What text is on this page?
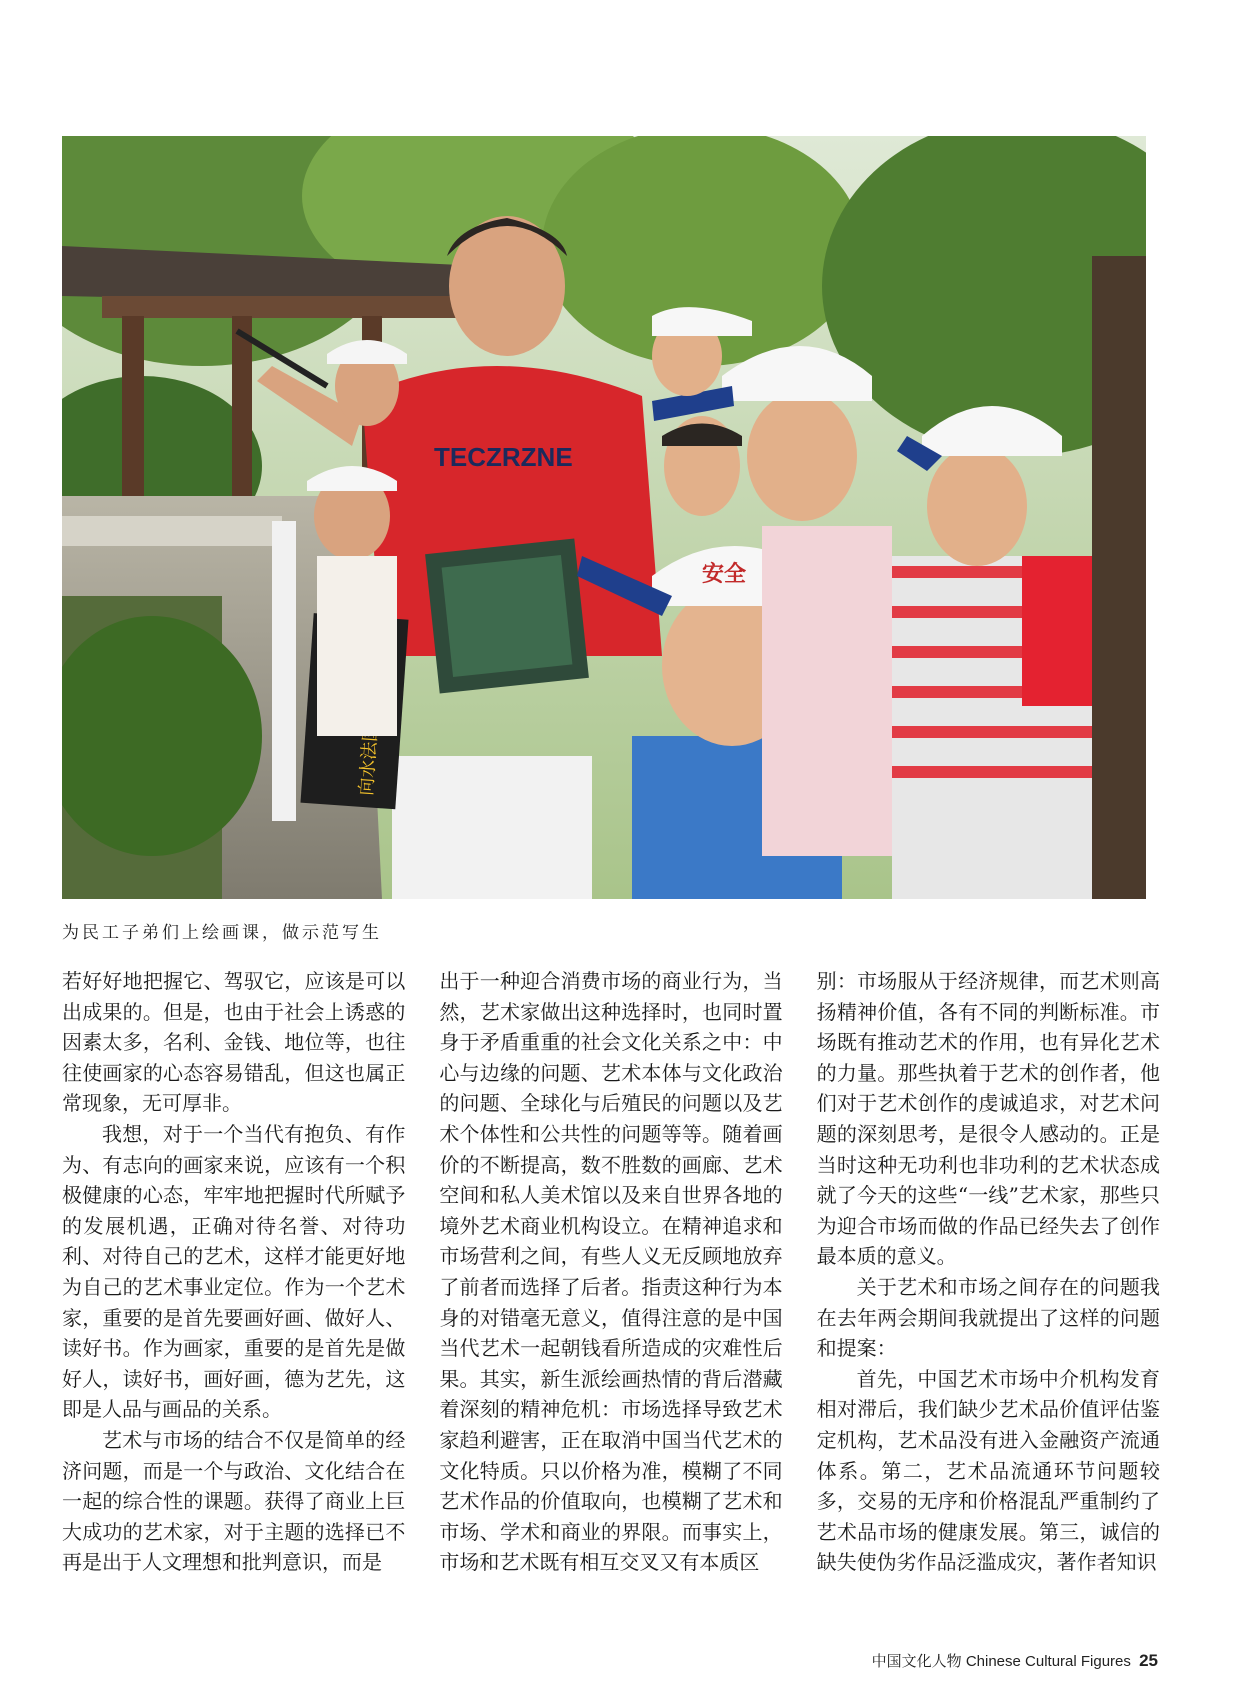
TECZRZNE
安全
为民工子弟们上绘画课，做示范写生

若好好地把握它、驾驭它，应该是可以出成果的。但是，也由于社会上诱惑的因素太多，名利、金钱、地位等，也往往使画家的心态容易错乱，但这也属正常现象，无可厚非。

我想，对于一个当代有抱负、有作为、有志向的画家来说，应该有一个积极健康的心态，牢牢地把握时代所赋予的发展机遇，正确对待名誉、对待功利、对待自己的艺术，这样才能更好地为自己的艺术事业定位。作为一个艺术家，重要的是首先要画好画、做好人、读好书。作为画家，重要的是首先是做好人，读好书，画好画，德为艺先，这即是人品与画品的关系。

艺术与市场的结合不仅是简单的经济问题，而是一个与政治、文化结合在一起的综合性的课题。获得了商业上巨大成功的艺术家，对于主题的选择已不再是出于人文理想和批判意识，而是

出于一种迎合消费市场的商业行为，当然，艺术家做出这种选择时，也同时置身于矛盾重重的社会文化关系之中：中心与边缘的问题、艺术本体与文化政治的问题、全球化与后殖民的问题以及艺术个体性和公共性的问题等等。随着画价的不断提高，数不胜数的画廊、艺术空间和私人美术馆以及来自世界各地的境外艺术商业机构设立。在精神追求和市场营利之间，有些人义无反顾地放弃了前者而选择了后者。指责这种行为本身的对错毫无意义，值得注意的是中国当代艺术一起朝钱看所造成的灾难性后果。其实，新生派绘画热情的背后潜藏着深刻的精神危机：市场选择导致艺术家趋利避害，正在取消中国当代艺术的文化特质。只以价格为准，模糊了不同艺术作品的价值取向，也模糊了艺术和市场、学术和商业的界限。而事实上，市场和艺术既有相互交叉又有本质区

别：市场服从于经济规律，而艺术则高扬精神价值，各有不同的判断标准。市场既有推动艺术的作用，也有异化艺术的力量。那些执着于艺术的创作者，他们对于艺术创作的虔诚追求，对艺术问题的深刻思考，是很令人感动的。正是当时这种无功利也非功利的艺术状态成就了今天的这些“一线”艺术家，那些只为迎合市场而做的作品已经失去了创作最本质的意义。

关于艺术和市场之间存在的问题我在去年两会期间我就提出了这样的问题和提案：

首先，中国艺术市场中介机构发育相对滞后，我们缺少艺术品价值评估鉴定机构，艺术品没有进入金融资产流通体系。第二，艺术品流通环节问题较多，交易的无序和价格混乱严重制约了艺术品市场的健康发展。第三，诚信的缺失使伪劣作品泛滥成灾，著作者知识

中国文化人物 Chinese Cultural Figures 25
